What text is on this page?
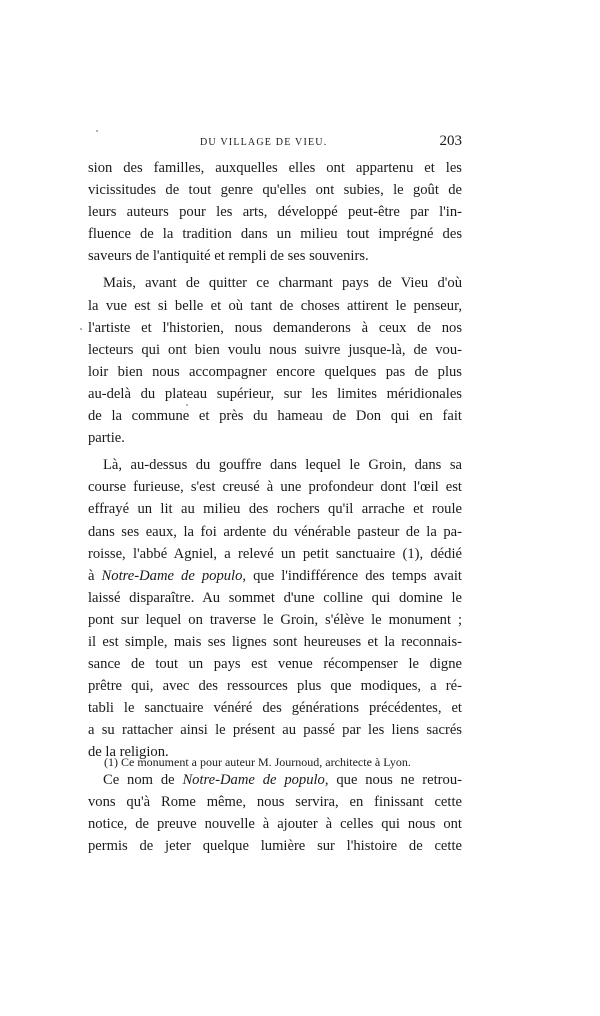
DU VILLAGE DE VIEU.	203
sion des familles, auxquelles elles ont appartenu et les
vicissitudes de tout genre qu'elles ont subies, le goût de
leurs auteurs pour les arts, développé peut-être par l'in-
fluence de la tradition dans un milieu tout imprégné des
saveurs de l'antiquité et rempli de ses souvenirs.
Mais, avant de quitter ce charmant pays de Vieu d'où
la vue est si belle et où tant de choses attirent le penseur,
l'artiste et l'historien, nous demanderons à ceux de nos
lecteurs qui ont bien voulu nous suivre jusque-là, de vou-
loir bien nous accompagner encore quelques pas de plus
au-delà du plateau supérieur, sur les limites méridionales
de la commune et près du hameau de Don qui en fait
partie.
Là, au-dessus du gouffre dans lequel le Groin, dans sa
course furieuse, s'est creusé à une profondeur dont l'œil est
effrayé un lit au milieu des rochers qu'il arrache et roule
dans ses eaux, la foi ardente du vénérable pasteur de la pa-
roisse, l'abbé Agniel, a relevé un petit sanctuaire (1), dédié
à Notre-Dame de populo, que l'indifférence des temps avait
laissé disparaître. Au sommet d'une colline qui domine le
pont sur lequel on traverse le Groin, s'élève le monument ;
il est simple, mais ses lignes sont heureuses et la reconnais-
sance de tout un pays est venue récompenser le digne
prêtre qui, avec des ressources plus que modiques, a ré-
tabli le sanctuaire vénéré des générations précédentes, et
a su rattacher ainsi le présent au passé par les liens sacrés
de la religion.
Ce nom de Notre-Dame de populo, que nous ne retrou-
vons qu'à Rome même, nous servira, en finissant cette
notice, de preuve nouvelle à ajouter à celles qui nous ont
permis de jeter quelque lumière sur l'histoire de cette
(1) Ce monument a pour auteur M. Journoud, architecte à Lyon.
